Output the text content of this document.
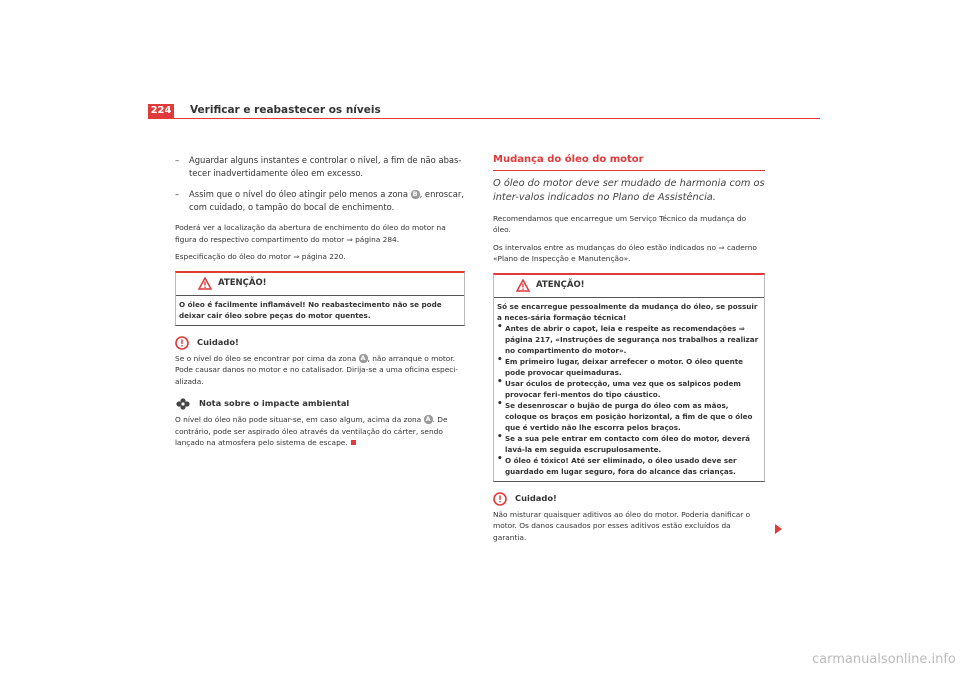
224 Verificar e reabastecer os níveis
– Aguardar alguns instantes e controlar o nível, a fim de não abas-tecer inadvertidamente óleo em excesso.
– Assim que o nível do óleo atingir pelo menos a zona B , enroscar, com cuidado, o tampão do bocal de enchimento.

Poderá ver a localização da abertura de enchimento do óleo do motor na figura do respectivo compartimento do motor ⇒ página 284.

Especificação do óleo do motor ⇒ página 220.

ATENÇÃO!
O óleo é facilmente inflamável! No reabastecimento não se pode deixar cair óleo sobre peças do motor quentes.
Cuidado!

Se o nível do óleo se encontrar por cima da zona A , não arranque o motor. Pode causar danos no motor e no catalisador. Dirija-se a uma oficina especi-alizada.

Nota sobre o impacte ambiental

O nível do óleo não pode situar-se, em caso algum, acima da zona A . De contrário, pode ser aspirado óleo através da ventilação do cárter, sendo lançado na atmosfera pelo sistema de escape.

Mudança do óleo do motor
O óleo do motor deve ser mudado de harmonia com os inter-valos indicados no Plano de Assistência.

Recomendamos que encarregue um Serviço Técnico da mudança do óleo.

Os intervalos entre as mudanças do óleo estão indicados no ⇒ caderno «Plano de Inspecção e Manutenção».

ATENÇÃO!
Só se encarregue pessoalmente da mudança do óleo, se possuir a neces-sária formação técnica!
• Antes de abrir o capot, leia e respeite as recomendações ⇒ página 217, «Instruções de segurança nos trabalhos a realizar no compartimento do motor».
• Em primeiro lugar, deixar arrefecer o motor. O óleo quente pode provocar queimaduras.
• Usar óculos de protecção, uma vez que os salpicos podem provocar feri-mentos do tipo cáustico.
• Se desenroscar o bujão de purga do óleo com as mãos, coloque os braços em posição horizontal, a fim de que o óleo que é vertido não lhe escorra pelos braços.
• Se a sua pele entrar em contacto com óleo do motor, deverá lavá-la em seguida escrupulosamente.
• O óleo é tóxico! Até ser eliminado, o óleo usado deve ser guardado em lugar seguro, fora do alcance das crianças.
Cuidado!

Não misturar quaisquer aditivos ao óleo do motor. Poderia danificar o motor. Os danos causados por esses aditivos estão excluídos da garantia.

carmanualsonline.info
